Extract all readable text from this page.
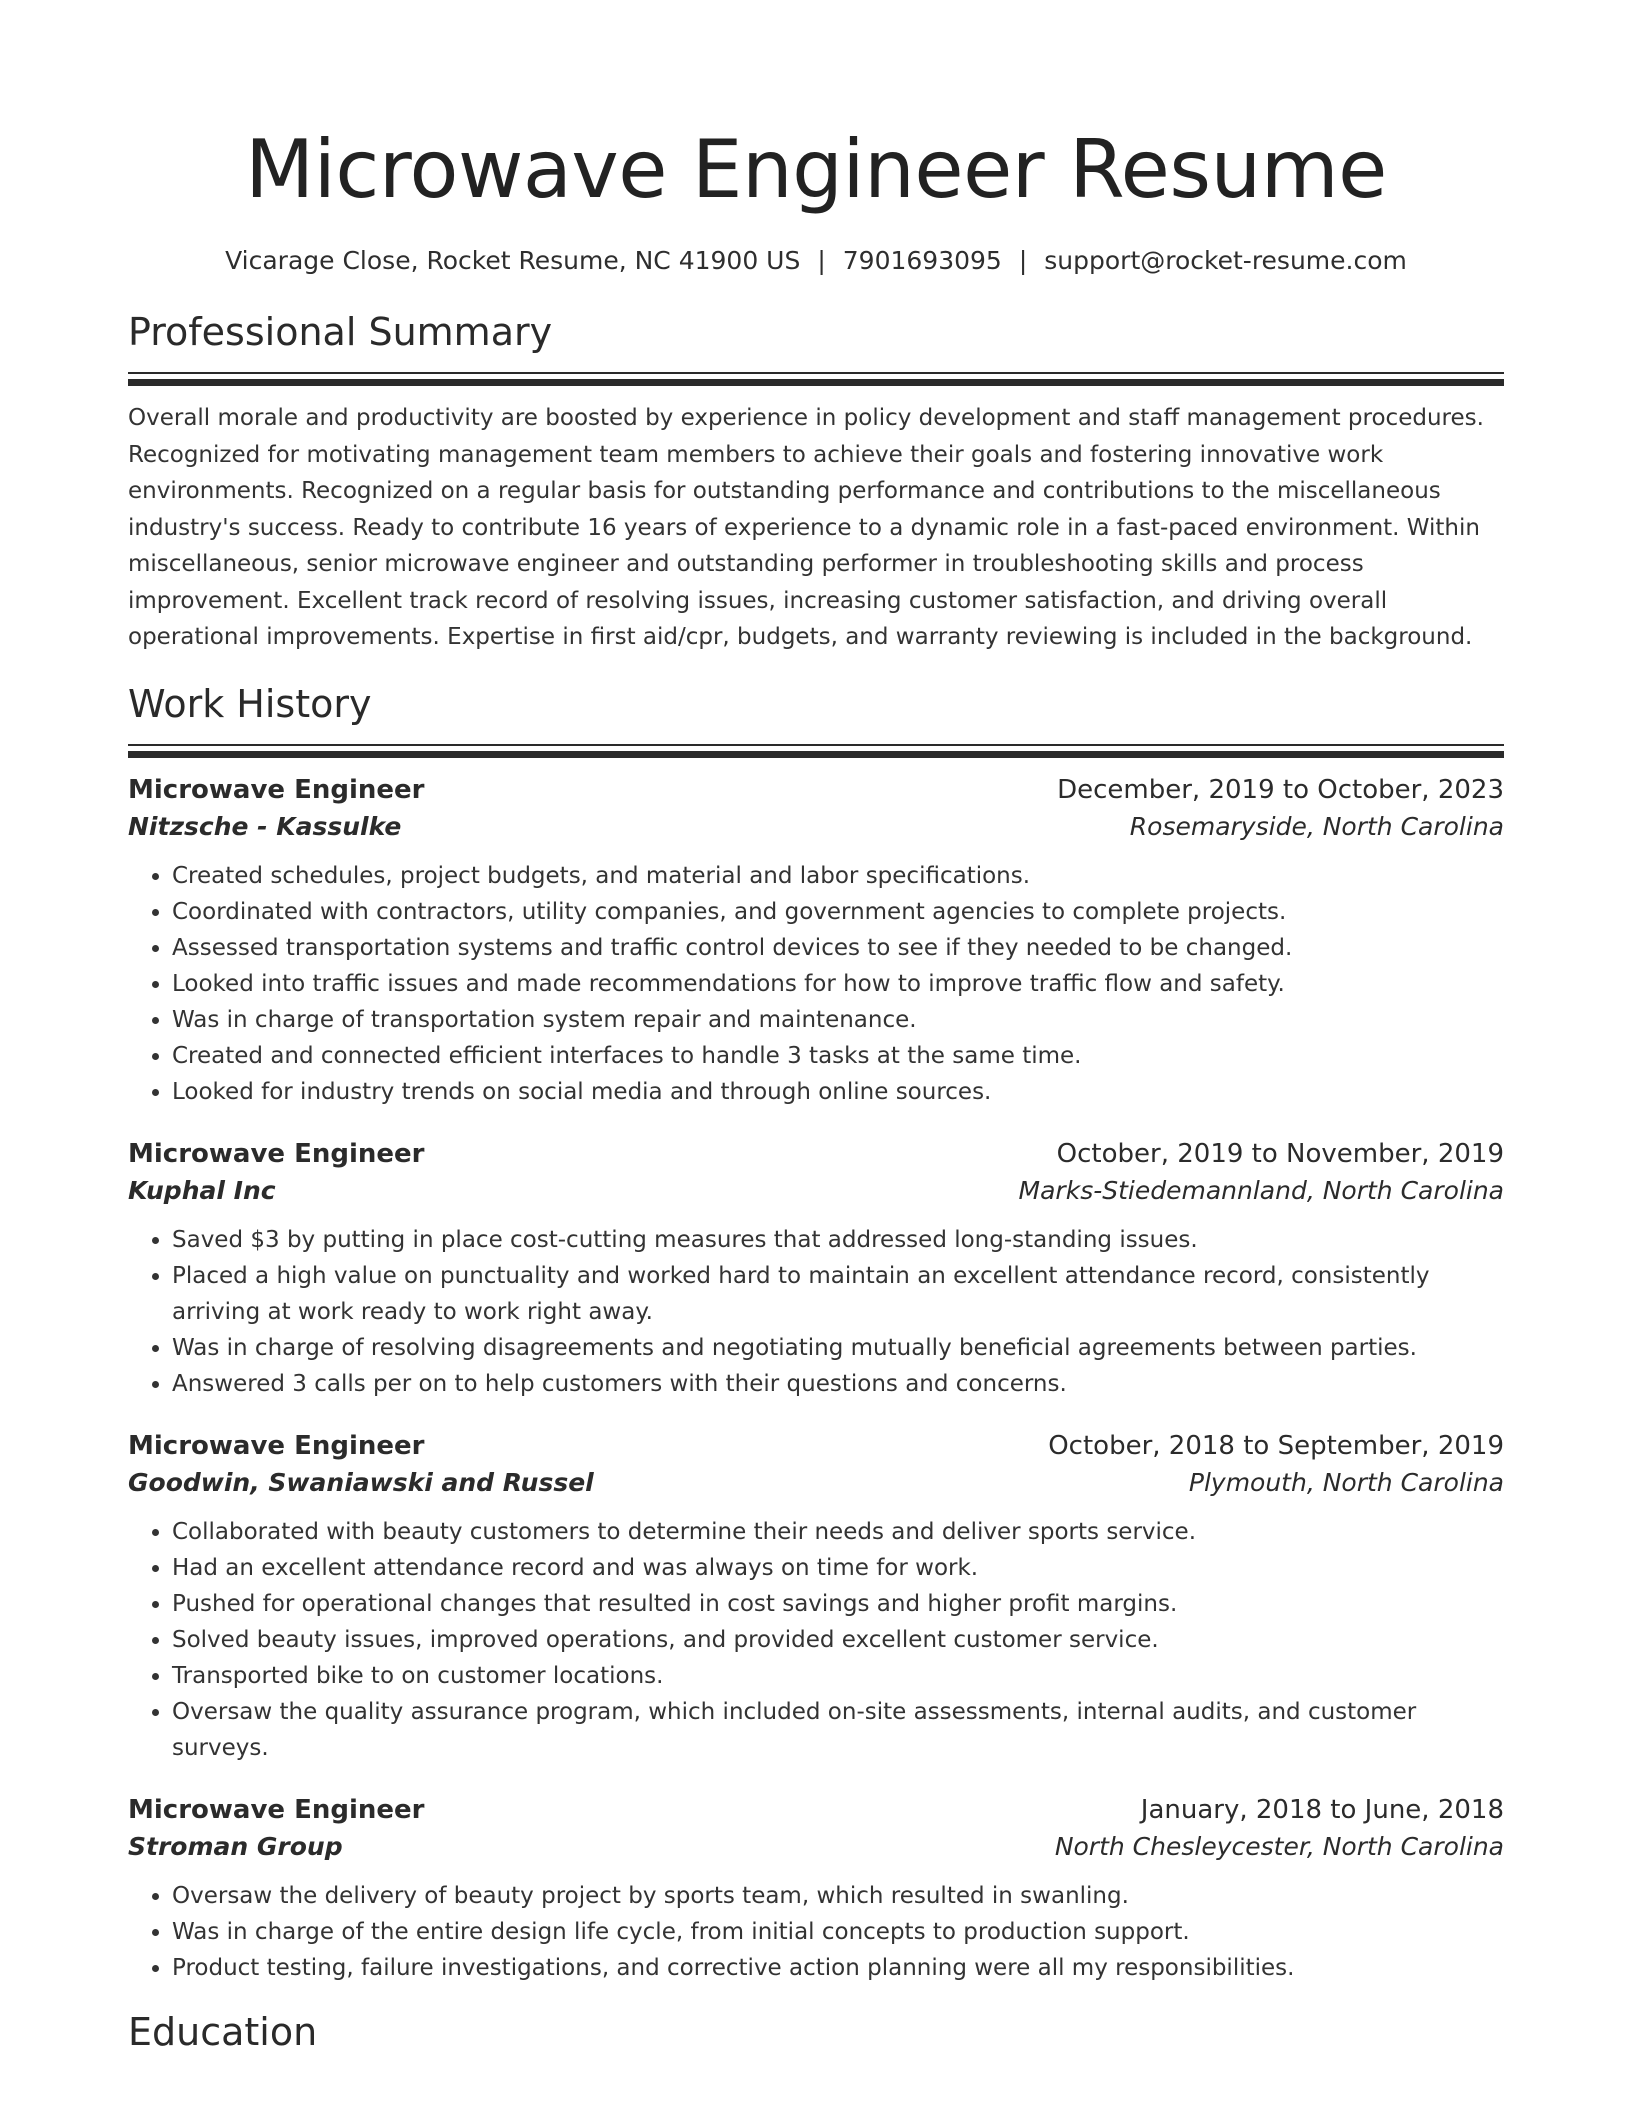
Microwave Engineer Resume
Vicarage Close, Rocket Resume, NC 41900 US | 7901693095 | support@rocket-resume.com
Professional Summary
Overall morale and productivity are boosted by experience in policy development and staff management procedures. Recognized for motivating management team members to achieve their goals and fostering innovative work environments. Recognized on a regular basis for outstanding performance and contributions to the miscellaneous industry's success. Ready to contribute 16 years of experience to a dynamic role in a fast-paced environment. Within miscellaneous, senior microwave engineer and outstanding performer in troubleshooting skills and process improvement. Excellent track record of resolving issues, increasing customer satisfaction, and driving overall operational improvements. Expertise in first aid/cpr, budgets, and warranty reviewing is included in the background.
Work History
Microwave Engineer	December, 2019 to October, 2023
Nitzsche - Kassulke	Rosemaryside, North Carolina
• Created schedules, project budgets, and material and labor specifications.
• Coordinated with contractors, utility companies, and government agencies to complete projects.
• Assessed transportation systems and traffic control devices to see if they needed to be changed.
• Looked into traffic issues and made recommendations for how to improve traffic flow and safety.
• Was in charge of transportation system repair and maintenance.
• Created and connected efficient interfaces to handle 3 tasks at the same time.
• Looked for industry trends on social media and through online sources.
Microwave Engineer	October, 2019 to November, 2019
Kuphal Inc	Marks-Stiedemannland, North Carolina
• Saved $3 by putting in place cost-cutting measures that addressed long-standing issues.
• Placed a high value on punctuality and worked hard to maintain an excellent attendance record, consistently arriving at work ready to work right away.
• Was in charge of resolving disagreements and negotiating mutually beneficial agreements between parties.
• Answered 3 calls per on to help customers with their questions and concerns.
Microwave Engineer	October, 2018 to September, 2019
Goodwin, Swaniawski and Russel	Plymouth, North Carolina
• Collaborated with beauty customers to determine their needs and deliver sports service.
• Had an excellent attendance record and was always on time for work.
• Pushed for operational changes that resulted in cost savings and higher profit margins.
• Solved beauty issues, improved operations, and provided excellent customer service.
• Transported bike to on customer locations.
• Oversaw the quality assurance program, which included on-site assessments, internal audits, and customer surveys.
Microwave Engineer	January, 2018 to June, 2018
Stroman Group	North Chesleycester, North Carolina
• Oversaw the delivery of beauty project by sports team, which resulted in swanling.
• Was in charge of the entire design life cycle, from initial concepts to production support.
• Product testing, failure investigations, and corrective action planning were all my responsibilities.
Education
